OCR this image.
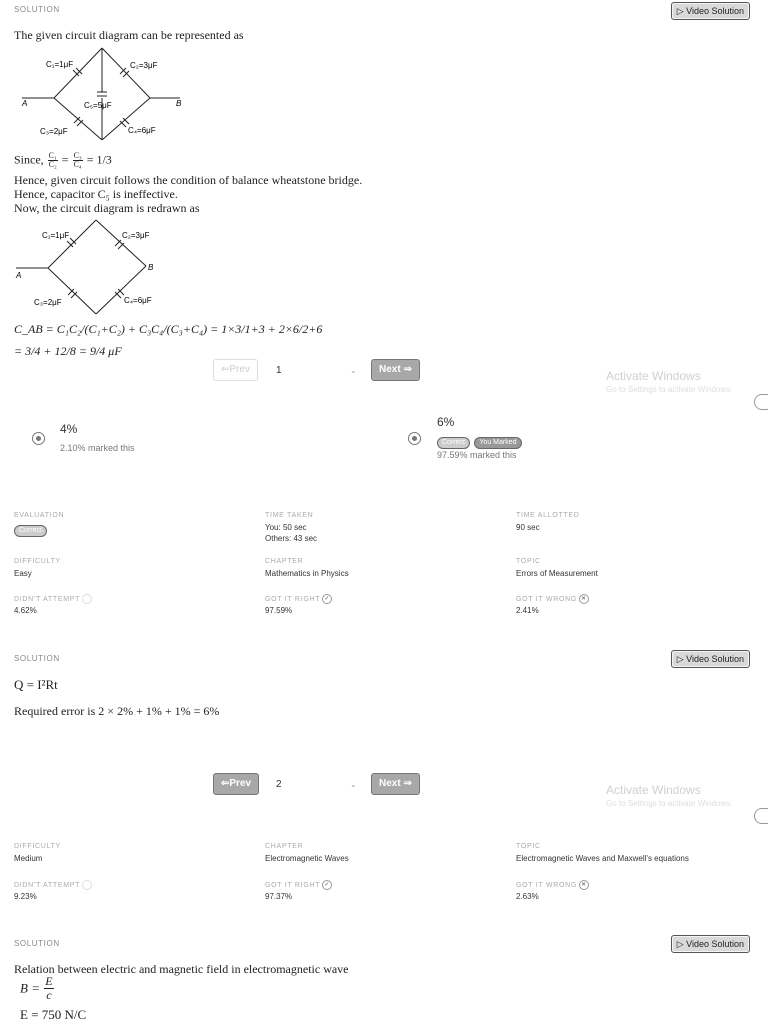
SOLUTION	▷ Video Solution
The given circuit diagram can be represented as
C₁=1μF	C₂=3μF
C₃=2μF	C₄=6μF
C₅=5μF
A	B
Since, $\frac{\text{C₁}}{\text{C₂}} = \frac{\text{C₃}}{\text{C₄}} = 1/3$
Hence, given circuit follows the condition of balance wheatstone bridge.
Hence, capacitor C₅ is ineffective.
Now, the circuit diagram is redrawn as
C₁=1μF	C₂=3μF
C₃=2μF	C₄=6μF
A
B
C_AB = C₁C₂/(C₁+C₂) + C₃C₄/(C₃+C₄) = 1×3/1+3 + 2×6/2+6
= 3/4 + 12/8 = 9/4 μF
⇐Prev	1	⌄	Next ⇒	Activate Windows
Go to Settings to activate Windows.
4%
2.10% marked this
6%
Correct You Marked
97.59% marked this
EVALUATION
Correct
TIME TAKEN
You: 50 sec
Others: 43 sec
TIME ALLOTTED
90 sec
DIFFICULTY
Easy
CHAPTER
Mathematics in Physics
TOPIC
Errors of Measurement
DIDN'T ATTEMPT
4.62%
GOT IT RIGHT ✓
97.59%
GOT IT WRONG ✕
2.41%
SOLUTION	▷ Video Solution
Q = I²Rt
Required error is 2 × 2% + 1% + 1% = 6%
⇐Prev	2	⌄	Next ⇒	Activate Windows
Go to Settings to activate Windows.
DIFFICULTY
Medium
CHAPTER
Electromagnetic Waves
TOPIC
Electromagnetic Waves and Maxwell's equations
DIDN'T ATTEMPT
9.23%
GOT IT RIGHT ✓
97.37%
GOT IT WRONG ✕
2.63%
SOLUTION	▷ Video Solution
Relation between electric and magnetic field in electromagnetic wave
$B = \frac{E}{c}$
E = 750 N/C
